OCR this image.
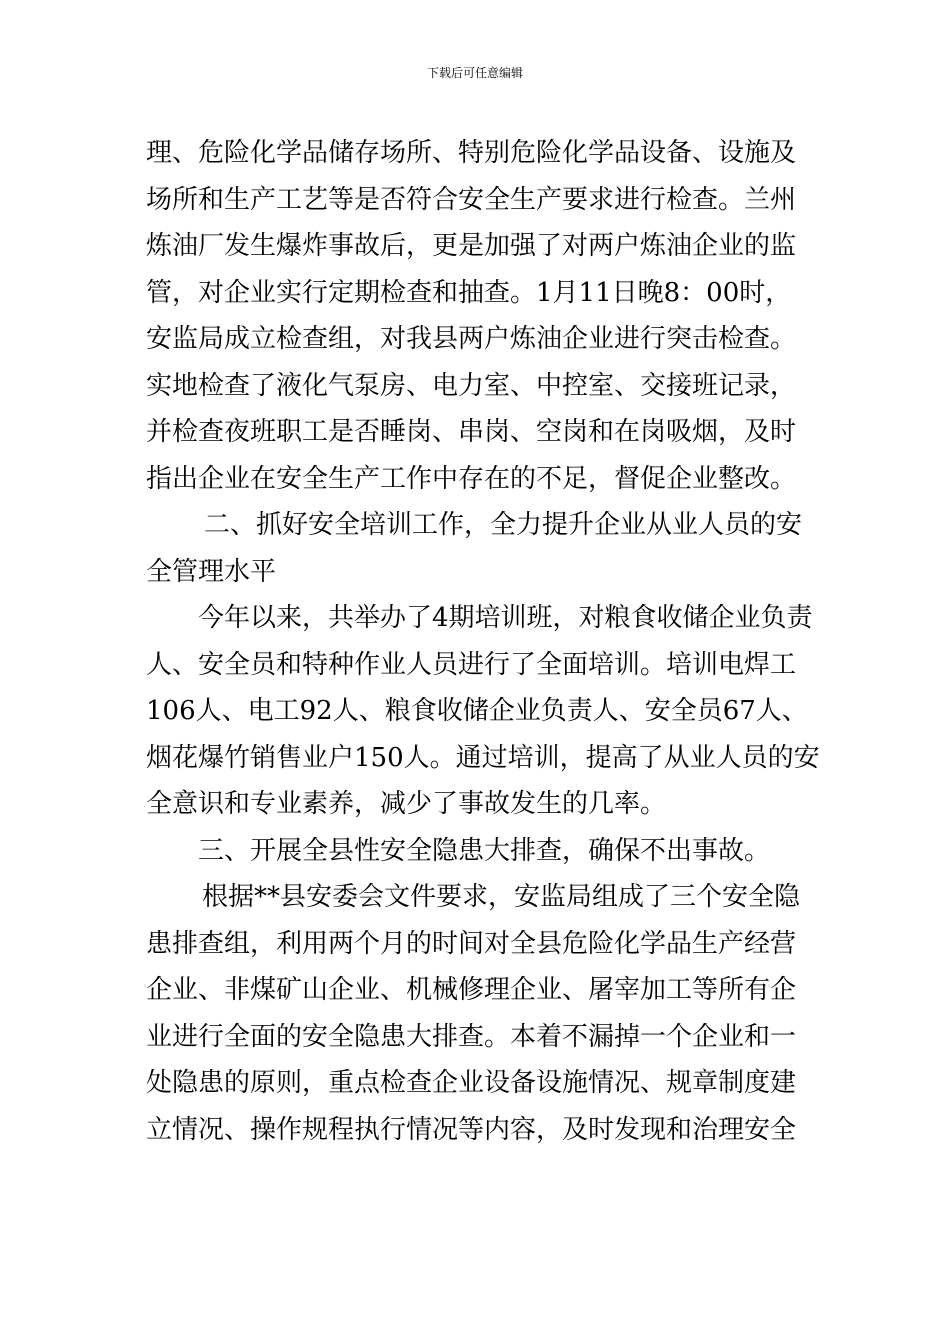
下载后可任意编辑
理、危险化学品储存场所、特别危险化学品设备、设施及
场所和生产工艺等是否符合安全生产要求进行检查。兰州
炼油厂发生爆炸事故后，更是加强了对两户炼油企业的监
管，对企业实行定期检查和抽查。1月11日晚8：00时，
安监局成立检查组，对我县两户炼油企业进行突击检查。
实地检查了液化气泵房、电力室、中控室、交接班记录，
并检查夜班职工是否睡岗、串岗、空岗和在岗吸烟，及时
指出企业在安全生产工作中存在的不足，督促企业整改。
二、抓好安全培训工作，全力提升企业从业人员的安
全管理水平
今年以来，共举办了4期培训班，对粮食收储企业负责
人、安全员和特种作业人员进行了全面培训。培训电焊工
106人、电工92人、粮食收储企业负责人、安全员67人、
烟花爆竹销售业户150人。通过培训，提高了从业人员的安
全意识和专业素养，减少了事故发生的几率。
三、开展全县性安全隐患大排查，确保不出事故。
根据**县安委会文件要求，安监局组成了三个安全隐
患排查组，利用两个月的时间对全县危险化学品生产经营
企业、非煤矿山企业、机械修理企业、屠宰加工等所有企
业进行全面的安全隐患大排查。本着不漏掉一个企业和一
处隐患的原则，重点检查企业设备设施情况、规章制度建
立情况、操作规程执行情况等内容，及时发现和治理安全
